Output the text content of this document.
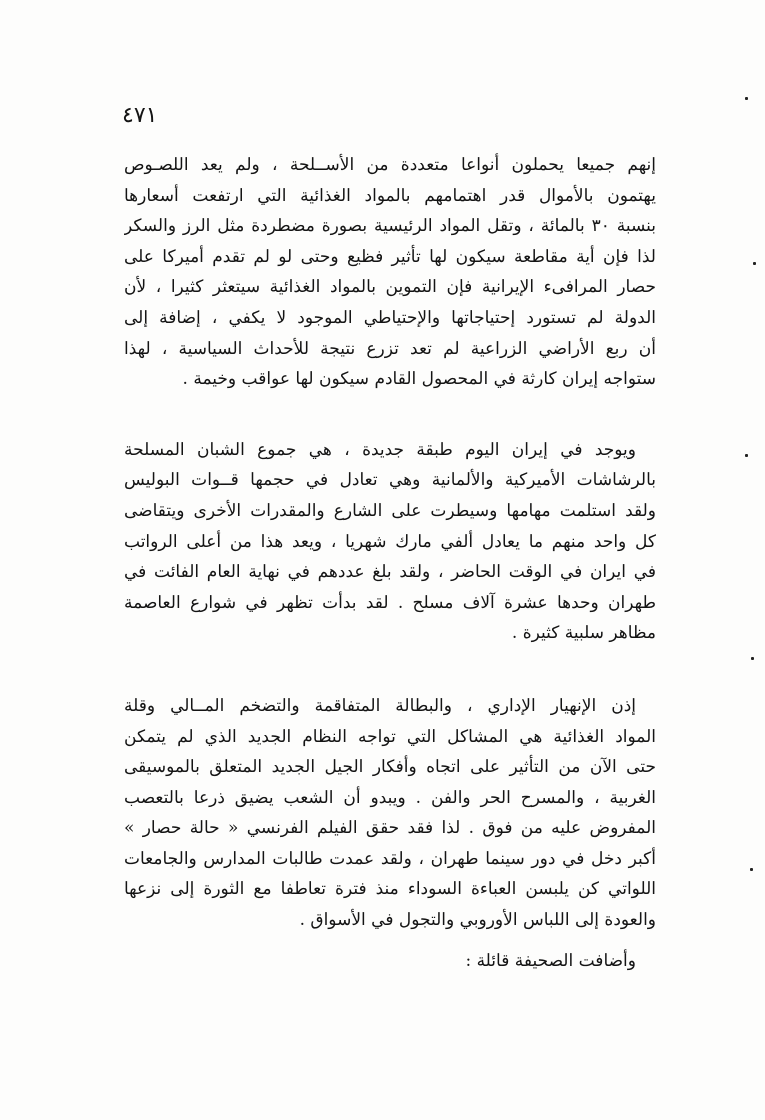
٤٧١
إنهم جميعا يحملون أنواعا متعددة من الأســلحة ، ولم يعد اللصـوص
يهتمون بالأموال قدر اهتمامهم بالمواد الغذائية التي ارتفعت أسعارها
بنسبة ٣٠ بالمائة ، وتقل المواد الرئيسية بصورة مضطردة مثل الرز والسكر
لذا فإن أية مقاطعة سيكون لها تأثير فظيع وحتى لو لم تقدم أميركا على
حصار المرافىء الإيرانية فإن التموين بالمواد الغذائية سيتعثر كثيرا ، لأن
الدولة لم تستورد إحتياجاتها والإحتياطي الموجود لا يكفي ، إضافة إلى
أن ربع الأراضي الزراعية لم تعد تزرع نتيجة للأحداث السياسية ، لهذا
ستواجه إيران كارثة في المحصول القادم سيكون لها عواقب وخيمة .
ويوجد في إيران اليوم طبقة جديدة ، هي جموع الشبان المسلحة
بالرشاشات الأميركية والألمانية وهي تعادل في حجمها قــوات البوليس
ولقد استلمت مهامها وسيطرت على الشارع والمقدرات الأخرى ويتقاضى
كل واحد منهم ما يعادل ألفي مارك شهريا ، ويعد هذا من أعلى الرواتب
في ايران في الوقت الحاضر ، ولقد بلغ عددهم في نهاية العام الفائت في
طهران وحدها عشرة آلاف مسلح . لقد بدأت تظهر في شوارع العاصمة
مظاهر سلبية كثيرة .
إذن الإنهيار الإداري ، والبطالة المتفاقمة والتضخم المــالي وقلة
المواد الغذائية هي المشاكل التي تواجه النظام الجديد الذي لم يتمكن
حتى الآن من التأثير على اتجاه وأفكار الجيل الجديد المتعلق بالموسيقى
الغربية ، والمسرح الحر والفن . ويبدو أن الشعب يضيق ذرعا بالتعصب
المفروض عليه من فوق . لذا فقد حقق الفيلم الفرنسي « حالة حصار »
أكبر دخل في دور سينما طهران ، ولقد عمدت طالبات المدارس والجامعات
اللواتي كن يلبسن العباءة السوداء منذ فترة تعاطفا مع الثورة إلى نزعها
والعودة إلى اللباس الأوروبي والتجول في الأسواق .
وأضافت الصحيفة قائلة :
